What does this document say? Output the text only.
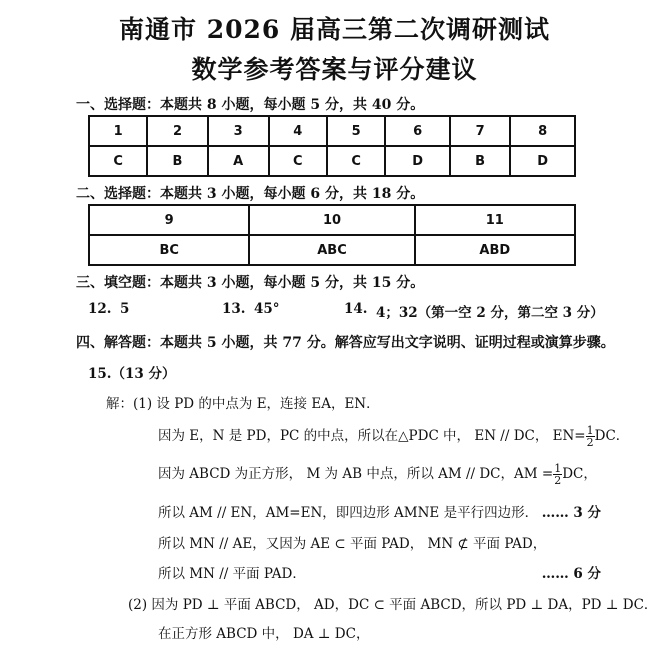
南通市 2026 届高三第二次调研测试
数学参考答案与评分建议
一、选择题：本题共 8 小题，每小题 5 分，共 40 分。
1	2	3	4	5	6	7	8
C	B	A	C	C	D	B	D
二、选择题：本题共 3 小题，每小题 6 分，共 18 分。
9	10	11
BC	ABC	ABD
三、填空题：本题共 3 小题，每小题 5 分，共 15 分。
12. 5	13. 45°	14. 4；32（第一空 2 分，第二空 3 分）
四、解答题：本题共 5 小题，共 77 分。解答应写出文字说明、证明过程或演算步骤。
15.（13 分）
解：(1) 设 PD 的中点为 E，连接 EA，EN．
因为 E，N 是 PD，PC 的中点，所以在△PDC 中， EN // DC， $EN= \frac{1}{2}$ DC．
因为 ABCD 为正方形， M 为 AB 中点，所以 AM // DC，AM = $\frac{1}{2}$ DC，
所以 AM // EN，AM=EN，即四边形 AMNE 是平行四边形． …… 3 分
所以 MN // AE，又因为 AE ⊂ 平面 PAD， MN ⊄ 平面 PAD，
所以 MN // 平面 PAD．	…… 6 分
(2) 因为 PD ⊥ 平面 ABCD， AD，DC ⊂ 平面 ABCD，所以 PD ⊥ DA，PD ⊥ DC．
在正方形 ABCD 中， DA ⊥ DC，
